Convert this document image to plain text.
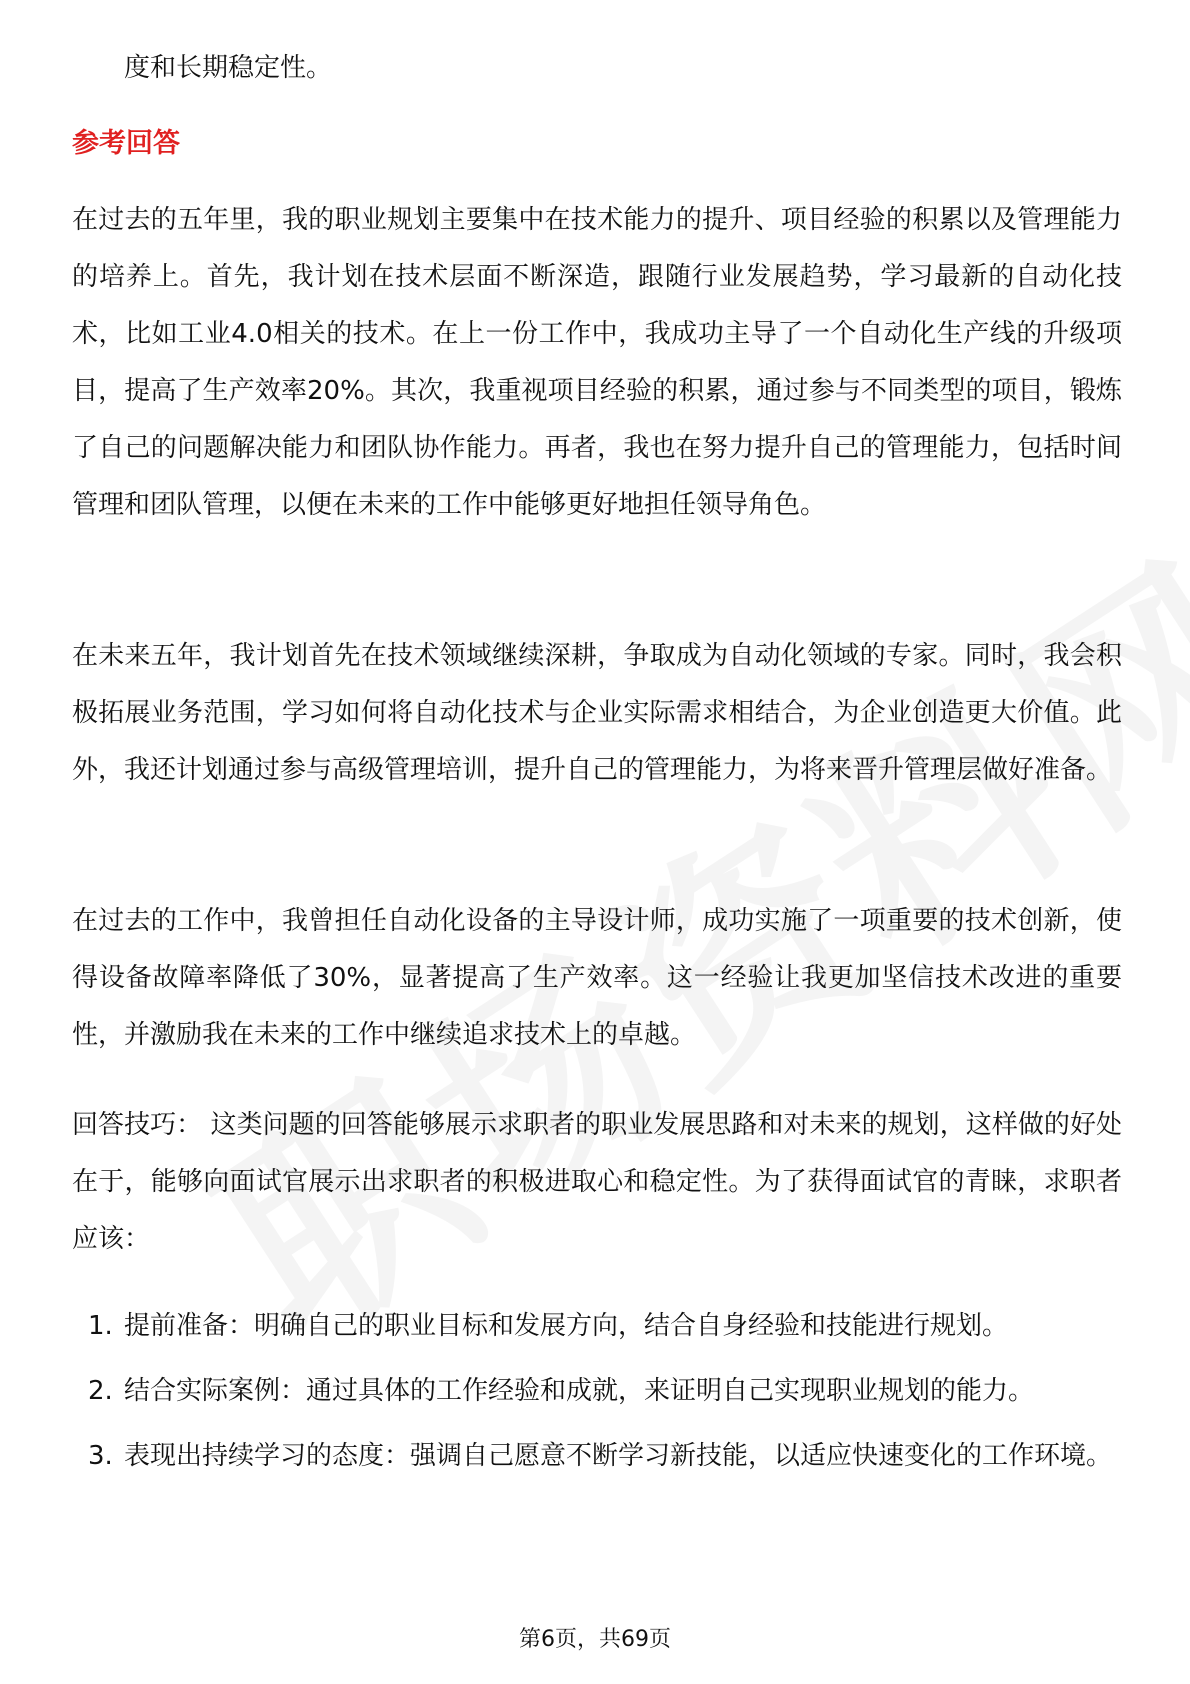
度和长期稳定性。
参考回答

在过去的五年里，我的职业规划主要集中在技术能力的提升、项目经验的积累以及管理能力的培养上。首先，我计划在技术层面不断深造，跟随行业发展趋势，学习最新的自动化技术，比如工业4.0相关的技术。在上一份工作中，我成功主导了一个自动化生产线的升级项目，提高了生产效率20%。其次，我重视项目经验的积累，通过参与不同类型的项目，锻炼了自己的问题解决能力和团队协作能力。再者，我也在努力提升自己的管理能力，包括时间管理和团队管理，以便在未来的工作中能够更好地担任领导角色。

在未来五年，我计划首先在技术领域继续深耕，争取成为自动化领域的专家。同时，我会积极拓展业务范围，学习如何将自动化技术与企业实际需求相结合，为企业创造更大价值。此外，我还计划通过参与高级管理培训，提升自己的管理能力，为将来晋升管理层做好准备。

在过去的工作中，我曾担任自动化设备的主导设计师，成功实施了一项重要的技术创新，使得设备故障率降低了30%，显著提高了生产效率。这一经验让我更加坚信技术改进的重要性，并激励我在未来的工作中继续追求技术上的卓越。

回答技巧： 这类问题的回答能够展示求职者的职业发展思路和对未来的规划，这样做的好处在于，能够向面试官展示出求职者的积极进取心和稳定性。为了获得面试官的青睐，求职者应该：

1. 提前准备：明确自己的职业目标和发展方向，结合自身经验和技能进行规划。
2. 结合实际案例：通过具体的工作经验和成就，来证明自己实现职业规划的能力。
3. 表现出持续学习的态度：强调自己愿意不断学习新技能，以适应快速变化的工作环境。
第6页，共69页
